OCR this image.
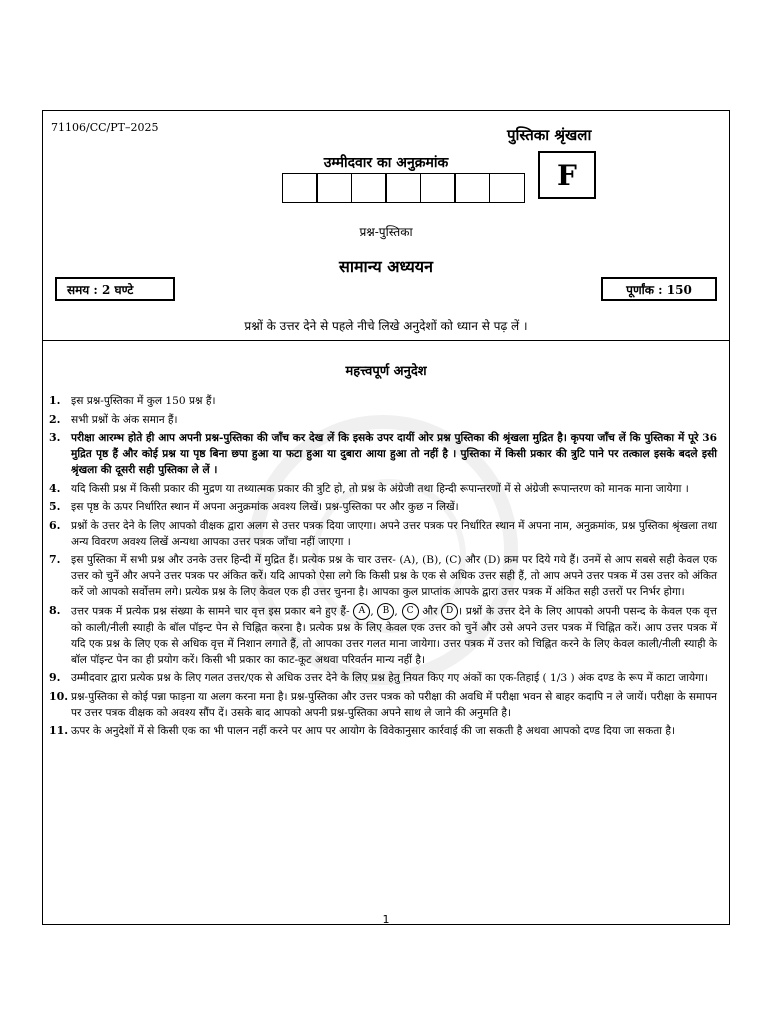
71106/CC/PT–2025	पुस्तिका श्रृंखला
F
उम्मीदवार का अनुक्रमांक
प्रश्न-पुस्तिका
सामान्य अध्ययन
समय : 2 घण्टे	पूर्णांक : 150
प्रश्नों के उत्तर देने से पहले नीचे लिखे अनुदेशों को ध्यान से पढ़ लें ।
महत्त्वपूर्ण अनुदेश
1. इस प्रश्न-पुस्तिका में कुल 150 प्रश्न हैं।
2. सभी प्रश्नों के अंक समान हैं।
3. परीक्षा आरम्भ होते ही आप अपनी प्रश्न-पुस्तिका की जाँच कर देख लें कि इसके उपर दायीं ओर प्रश्न पुस्तिका की श्रृंखला मुद्रित है। कृपया जाँच लें कि पुस्तिका में पूरे 36 मुद्रित पृष्ठ हैं और कोई प्रश्न या पृष्ठ बिना छपा हुआ या फटा हुआ या दुबारा आया हुआ तो नहीं है । पुस्तिका में किसी प्रकार की त्रुटि पाने पर तत्काल इसके बदले इसी श्रृंखला की दूसरी सही पुस्तिका ले लें ।
4. यदि किसी प्रश्न में किसी प्रकार की मुद्रण या तथ्यात्मक प्रकार की त्रुटि हो, तो प्रश्न के अंग्रेजी तथा हिन्दी रूपान्तरणों में से अंग्रेजी रूपान्तरण को मानक माना जायेगा ।
5. इस पृष्ठ के ऊपर निर्धारित स्थान में अपना अनुक्रमांक अवश्य लिखें। प्रश्न-पुस्तिका पर और कुछ न लिखें।
6. प्रश्नों के उत्तर देने के लिए आपको वीक्षक द्वारा अलग से उत्तर पत्रक दिया जाएगा। अपने उत्तर पत्रक पर निर्धारित स्थान में अपना नाम, अनुक्रमांक, प्रश्न पुस्तिका श्रृंखला तथा अन्य विवरण अवश्य लिखें अन्यथा आपका उत्तर पत्रक जाँचा नहीं जाएगा ।
7. इस पुस्तिका में सभी प्रश्न और उनके उत्तर हिन्दी में मुद्रित हैं। प्रत्येक प्रश्न के चार उत्तर- (A), (B), (C) और (D) क्रम पर दिये गये हैं। उनमें से आप सबसे सही केवल एक उत्तर को चुनें और अपने उत्तर पत्रक पर अंकित करें। यदि आपको ऐसा लगे कि किसी प्रश्न के एक से अधिक उत्तर सही हैं, तो आप अपने उत्तर पत्रक में उस उत्तर को अंकित करें जो आपको सर्वोत्तम लगे। प्रत्येक प्रश्न के लिए केवल एक ही उत्तर चुनना है। आपका कुल प्राप्तांक आपके द्वारा उत्तर पत्रक में अंकित सही उत्तरों पर निर्भर होगा।
8. उत्तर पत्रक में प्रत्येक प्रश्न संख्या के सामने चार वृत्त इस प्रकार बने हुए हैं- A , B , C और D । प्रश्नों के उत्तर देने के लिए आपको अपनी पसन्द के केवल एक वृत्त को काली/नीली स्याही के बॉल पॉइन्ट पेन से चिह्नित करना है। प्रत्येक प्रश्न के लिए केवल एक उत्तर को चुनें और उसे अपने उत्तर पत्रक में चिह्नित करें। आप उत्तर पत्रक में यदि एक प्रश्न के लिए एक से अधिक वृत्त में निशान लगाते हैं, तो आपका उत्तर गलत माना जायेगा। उत्तर पत्रक में उत्तर को चिह्नित करने के लिए केवल काली/नीली स्याही के बॉल पॉइन्ट पेन का ही प्रयोग करें। किसी भी प्रकार का काट-कूट अथवा परिवर्तन मान्य नहीं है।
9. उम्मीदवार द्वारा प्रत्येक प्रश्न के लिए गलत उत्तर/एक से अधिक उत्तर देने के लिए प्रश्न हेतु नियत किए गए अंकों का एक-तिहाई ( 1/3 ) अंक दण्ड के रूप में काटा जायेगा।
10. प्रश्न-पुस्तिका से कोई पन्ना फाड़ना या अलग करना मना है। प्रश्न-पुस्तिका और उत्तर पत्रक को परीक्षा की अवधि में परीक्षा भवन से बाहर कदापि न ले जायें। परीक्षा के समापन पर उत्तर पत्रक वीक्षक को अवश्य सौंप दें। उसके बाद आपको अपनी प्रश्न-पुस्तिका अपने साथ ले जाने की अनुमति है।
11. ऊपर के अनुदेशों में से किसी एक का भी पालन नहीं करने पर आप पर आयोग के विवेकानुसार कार्रवाई की जा सकती है अथवा आपको दण्ड दिया जा सकता है।
1
